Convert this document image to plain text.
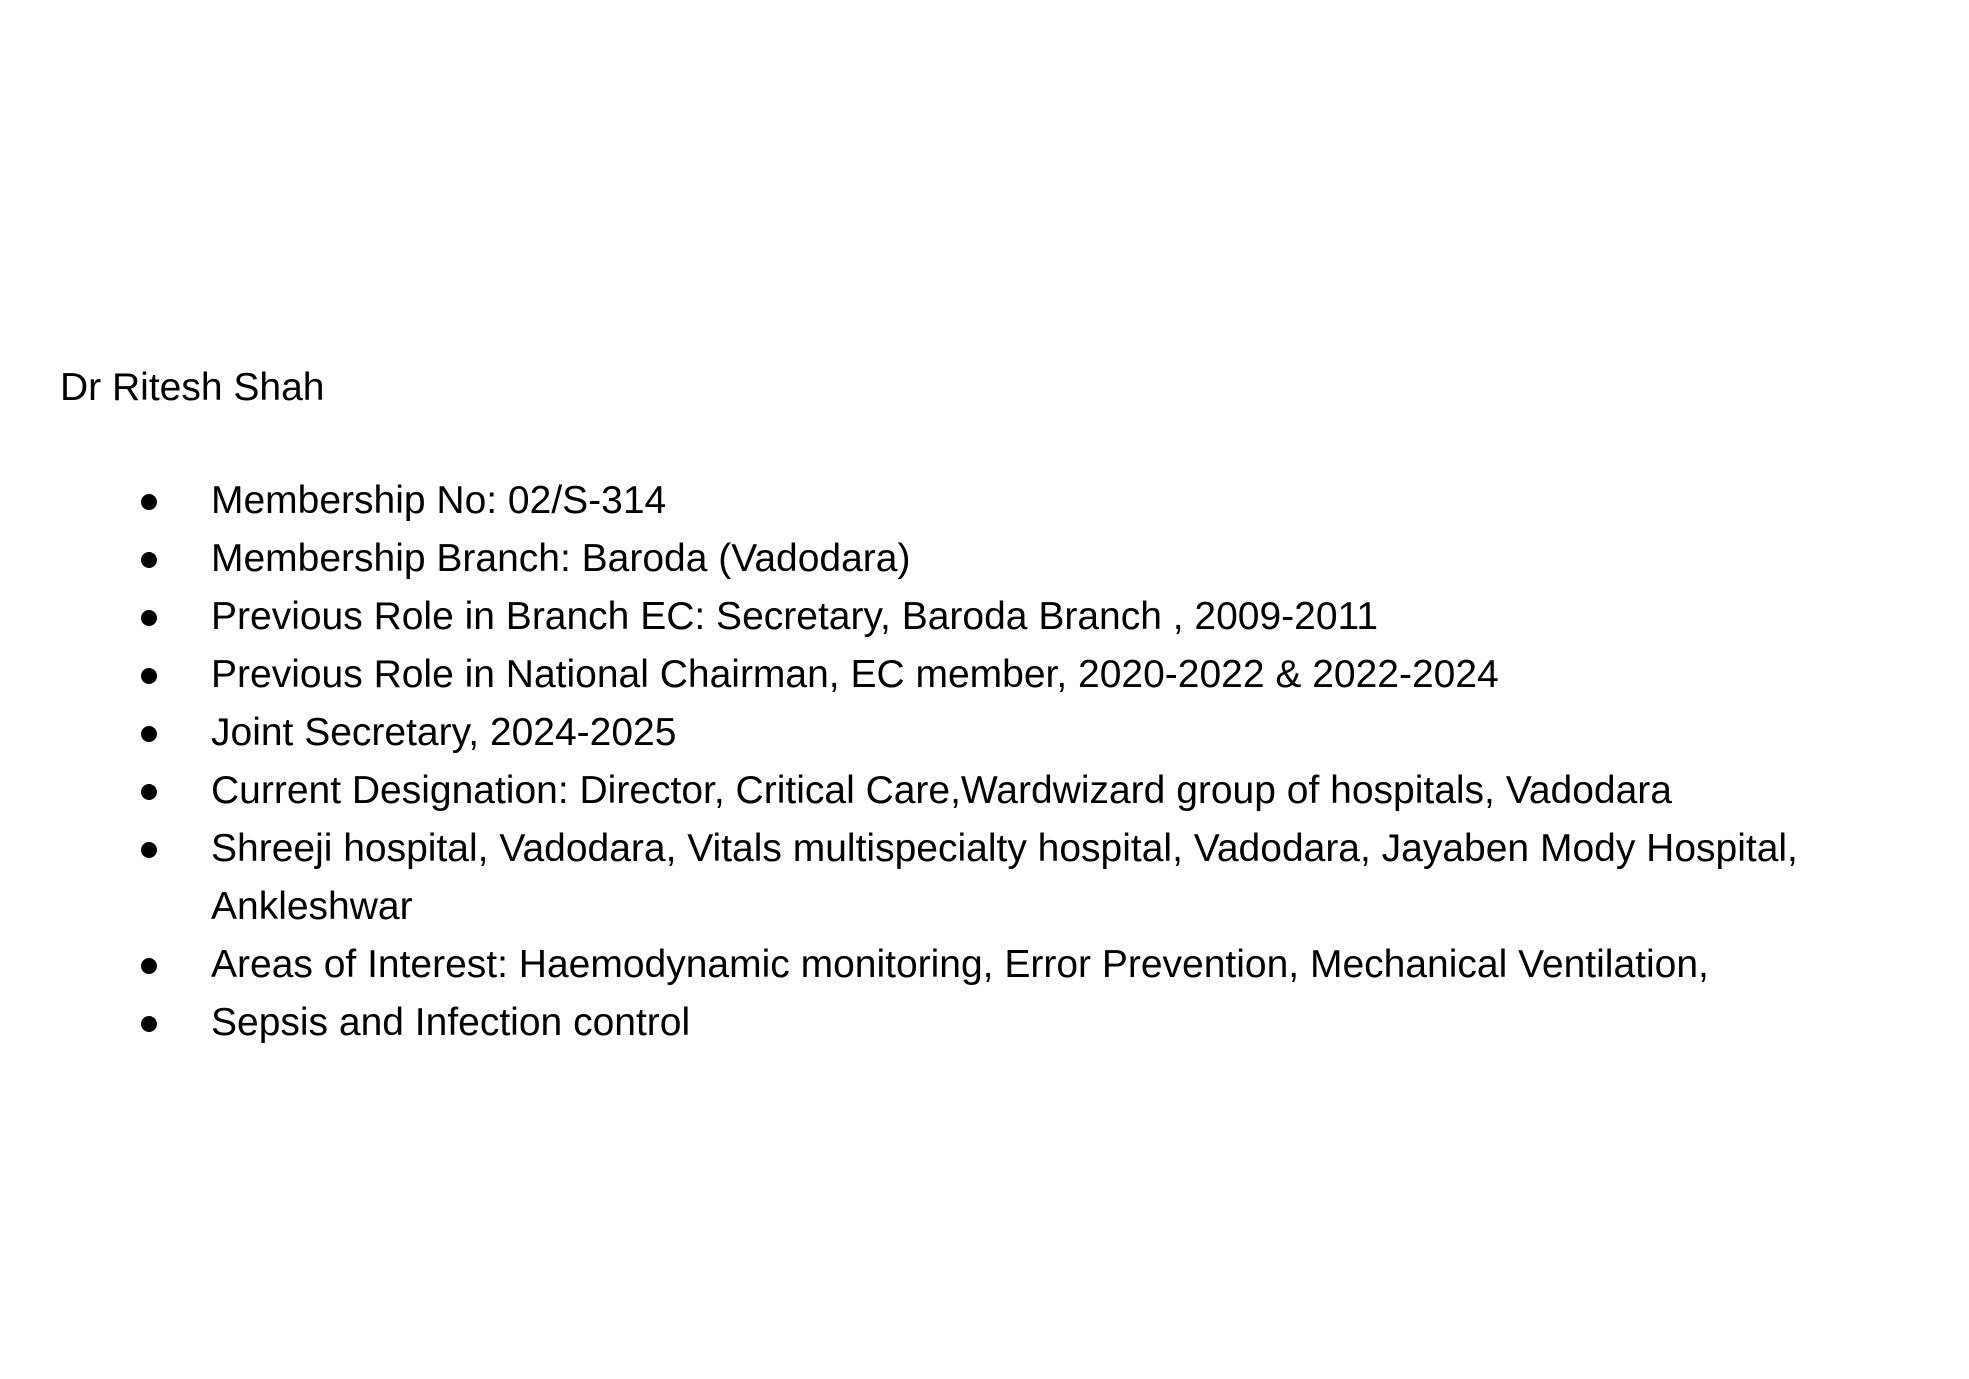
Dr Ritesh Shah
Membership No: 02/S-314
Membership Branch: Baroda (Vadodara)
Previous Role in Branch EC: Secretary, Baroda Branch , 2009-2011
Previous Role in National Chairman, EC member, 2020-2022 & 2022-2024
Joint Secretary, 2024-2025
Current Designation: Director, Critical Care,Wardwizard group of hospitals, Vadodara
Shreeji hospital, Vadodara, Vitals multispecialty hospital, Vadodara, Jayaben Mody Hospital, Ankleshwar
Areas of Interest: Haemodynamic monitoring, Error Prevention, Mechanical Ventilation,
Sepsis and Infection control
